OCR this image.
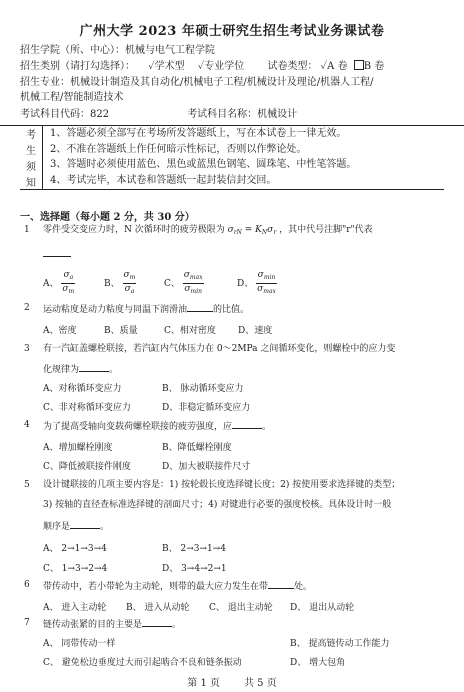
广州大学 2023 年硕士研究生招生考试业务课试卷
招生学院（所、中心）：机械与电气工程学院
招生类别（请打勾选择）： ✓学术型 ✓专业学位 试卷类型： ✓A 卷 B 卷
招生专业：机械设计制造及其自动化/机械电子工程/机械设计及理论/机器人工程/
机械工程/智能制造技术
考试科目代码：822	考试科目名称：机械设计
考
生
须
知
1、答题必须全部写在考场所发答题纸上，写在本试卷上一律无效。
2、不准在答题纸上作任何暗示性标记，否则以作弊论处。
3、答题时必须使用蓝色、黑色或蓝黑色钢笔、圆珠笔、中性笔答题。
4、考试完毕，本试卷和答题纸一起封装信封交回。
一、选择题（每小题 2 分，共 30 分）
1 零件受交变应力时，N 次循环时的疲劳极限为 $\sigma_{rN} = K_N\sigma_r$ ，其中代号注脚"r"代表
A、 $\frac{\sigma_a}{\sigma_m}$	B、 $\frac{\sigma_m}{\sigma_a}$	C、 $\frac{\sigma_{max}}{\sigma_{min}}$	D、 $\frac{\sigma_{min}}{\sigma_{max}}$
2 运动粘度是动力粘度与同温下润滑油	的比值。
A、密度	B、质量	C、相对密度 D、速度
3 有一汽缸盖螺栓联接，若汽缸内气体压力在 0～2MPa 之间循环变化，则螺栓中的应力变
化规律为	。
A、对称循环变应力	B、 脉动循环变应力
C、非对称循环变应力	D、非稳定循环变应力
4 为了提高受轴向变载荷螺栓联接的疲劳强度，应	。
A、增加螺栓刚度	B、降低螺栓刚度
C、降低被联接件刚度	D、加大被联接件尺寸
5 设计键联接的几项主要内容是：1) 按轮毂长度选择键长度；2) 按使用要求选择键的类型；
3) 按轴的直径查标准选择键的剖面尺寸；4) 对键进行必要的强度校核。具体设计时一般
顺序是	。
A、 2→1→3→4	B、 2→3→1→4
C、 1→3→2→4	D、 3→4→2→1
6 带传动中，若小带轮为主动轮，则带的最大应力发生在带	处。
A、 进入主动轮 B、 进入从动轮 C、 退出主动轮 D、 退出从动轮
7 链传动张紧的目的主要是	。
A、 同带传动一样	B、 提高链传动工作能力
C、 避免松边垂度过大而引起啮合不良和链条振动	D、 增大包角
第 1 页 共 5 页
